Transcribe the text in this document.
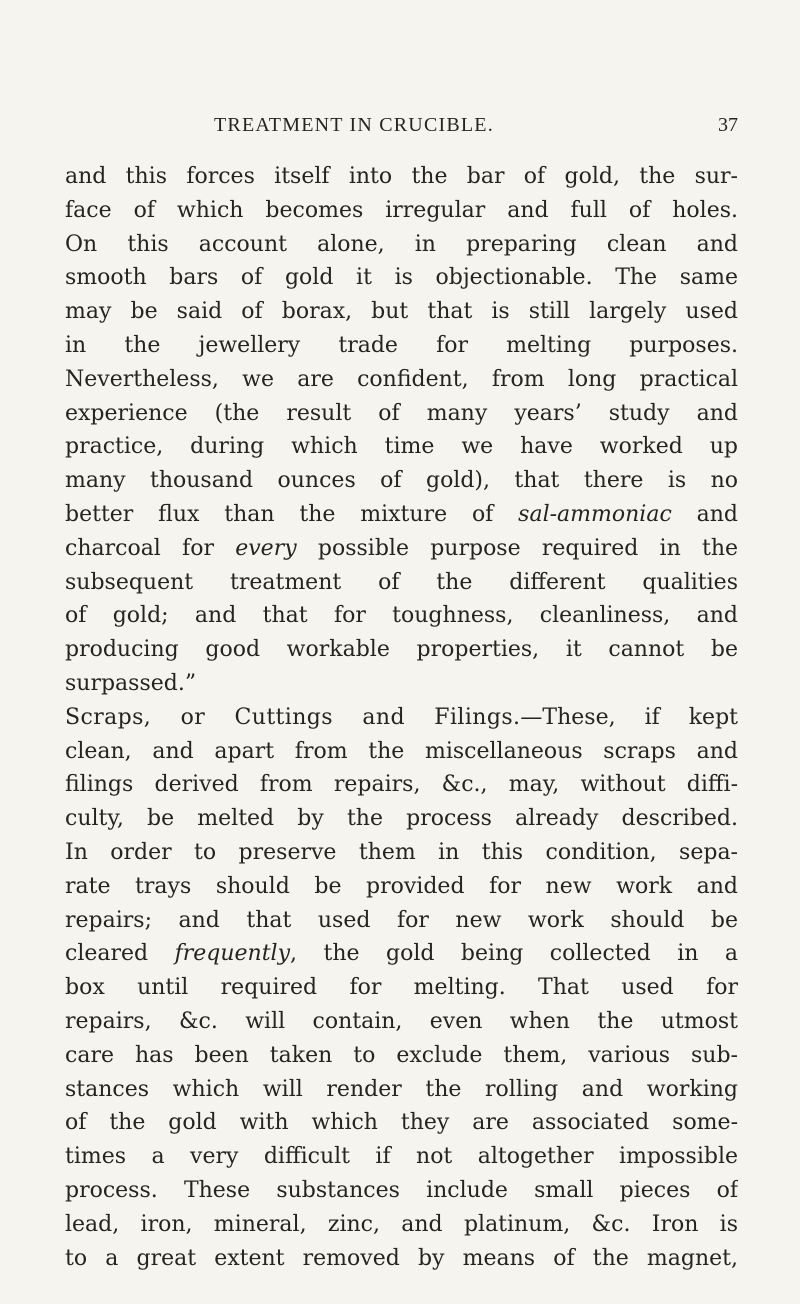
TREATMENT IN CRUCIBLE.	37
and this forces itself into the bar of gold, the sur-
face of which becomes irregular and full of holes.
On this account alone, in preparing clean and
smooth bars of gold it is objectionable. The same
may be said of borax, but that is still largely used
in the jewellery trade for melting purposes.
Nevertheless, we are confident, from long practical
experience (the result of many years’ study and
practice, during which time we have worked up
many thousand ounces of gold), that there is no
better flux than the mixture of sal-ammoniac and
charcoal for every possible purpose required in the
subsequent treatment of the different qualities
of gold; and that for toughness, cleanliness, and
producing good workable properties, it cannot be
surpassed.”
Scraps, or Cuttings and Filings.—These, if kept
clean, and apart from the miscellaneous scraps and
filings derived from repairs, &c., may, without diffi-
culty, be melted by the process already described.
In order to preserve them in this condition, sepa-
rate trays should be provided for new work and
repairs; and that used for new work should be
cleared frequently, the gold being collected in a
box until required for melting. That used for
repairs, &c. will contain, even when the utmost
care has been taken to exclude them, various sub-
stances which will render the rolling and working
of the gold with which they are associated some-
times a very difficult if not altogether impossible
process. These substances include small pieces of
lead, iron, mineral, zinc, and platinum, &c. Iron is
to a great extent removed by means of the magnet,
